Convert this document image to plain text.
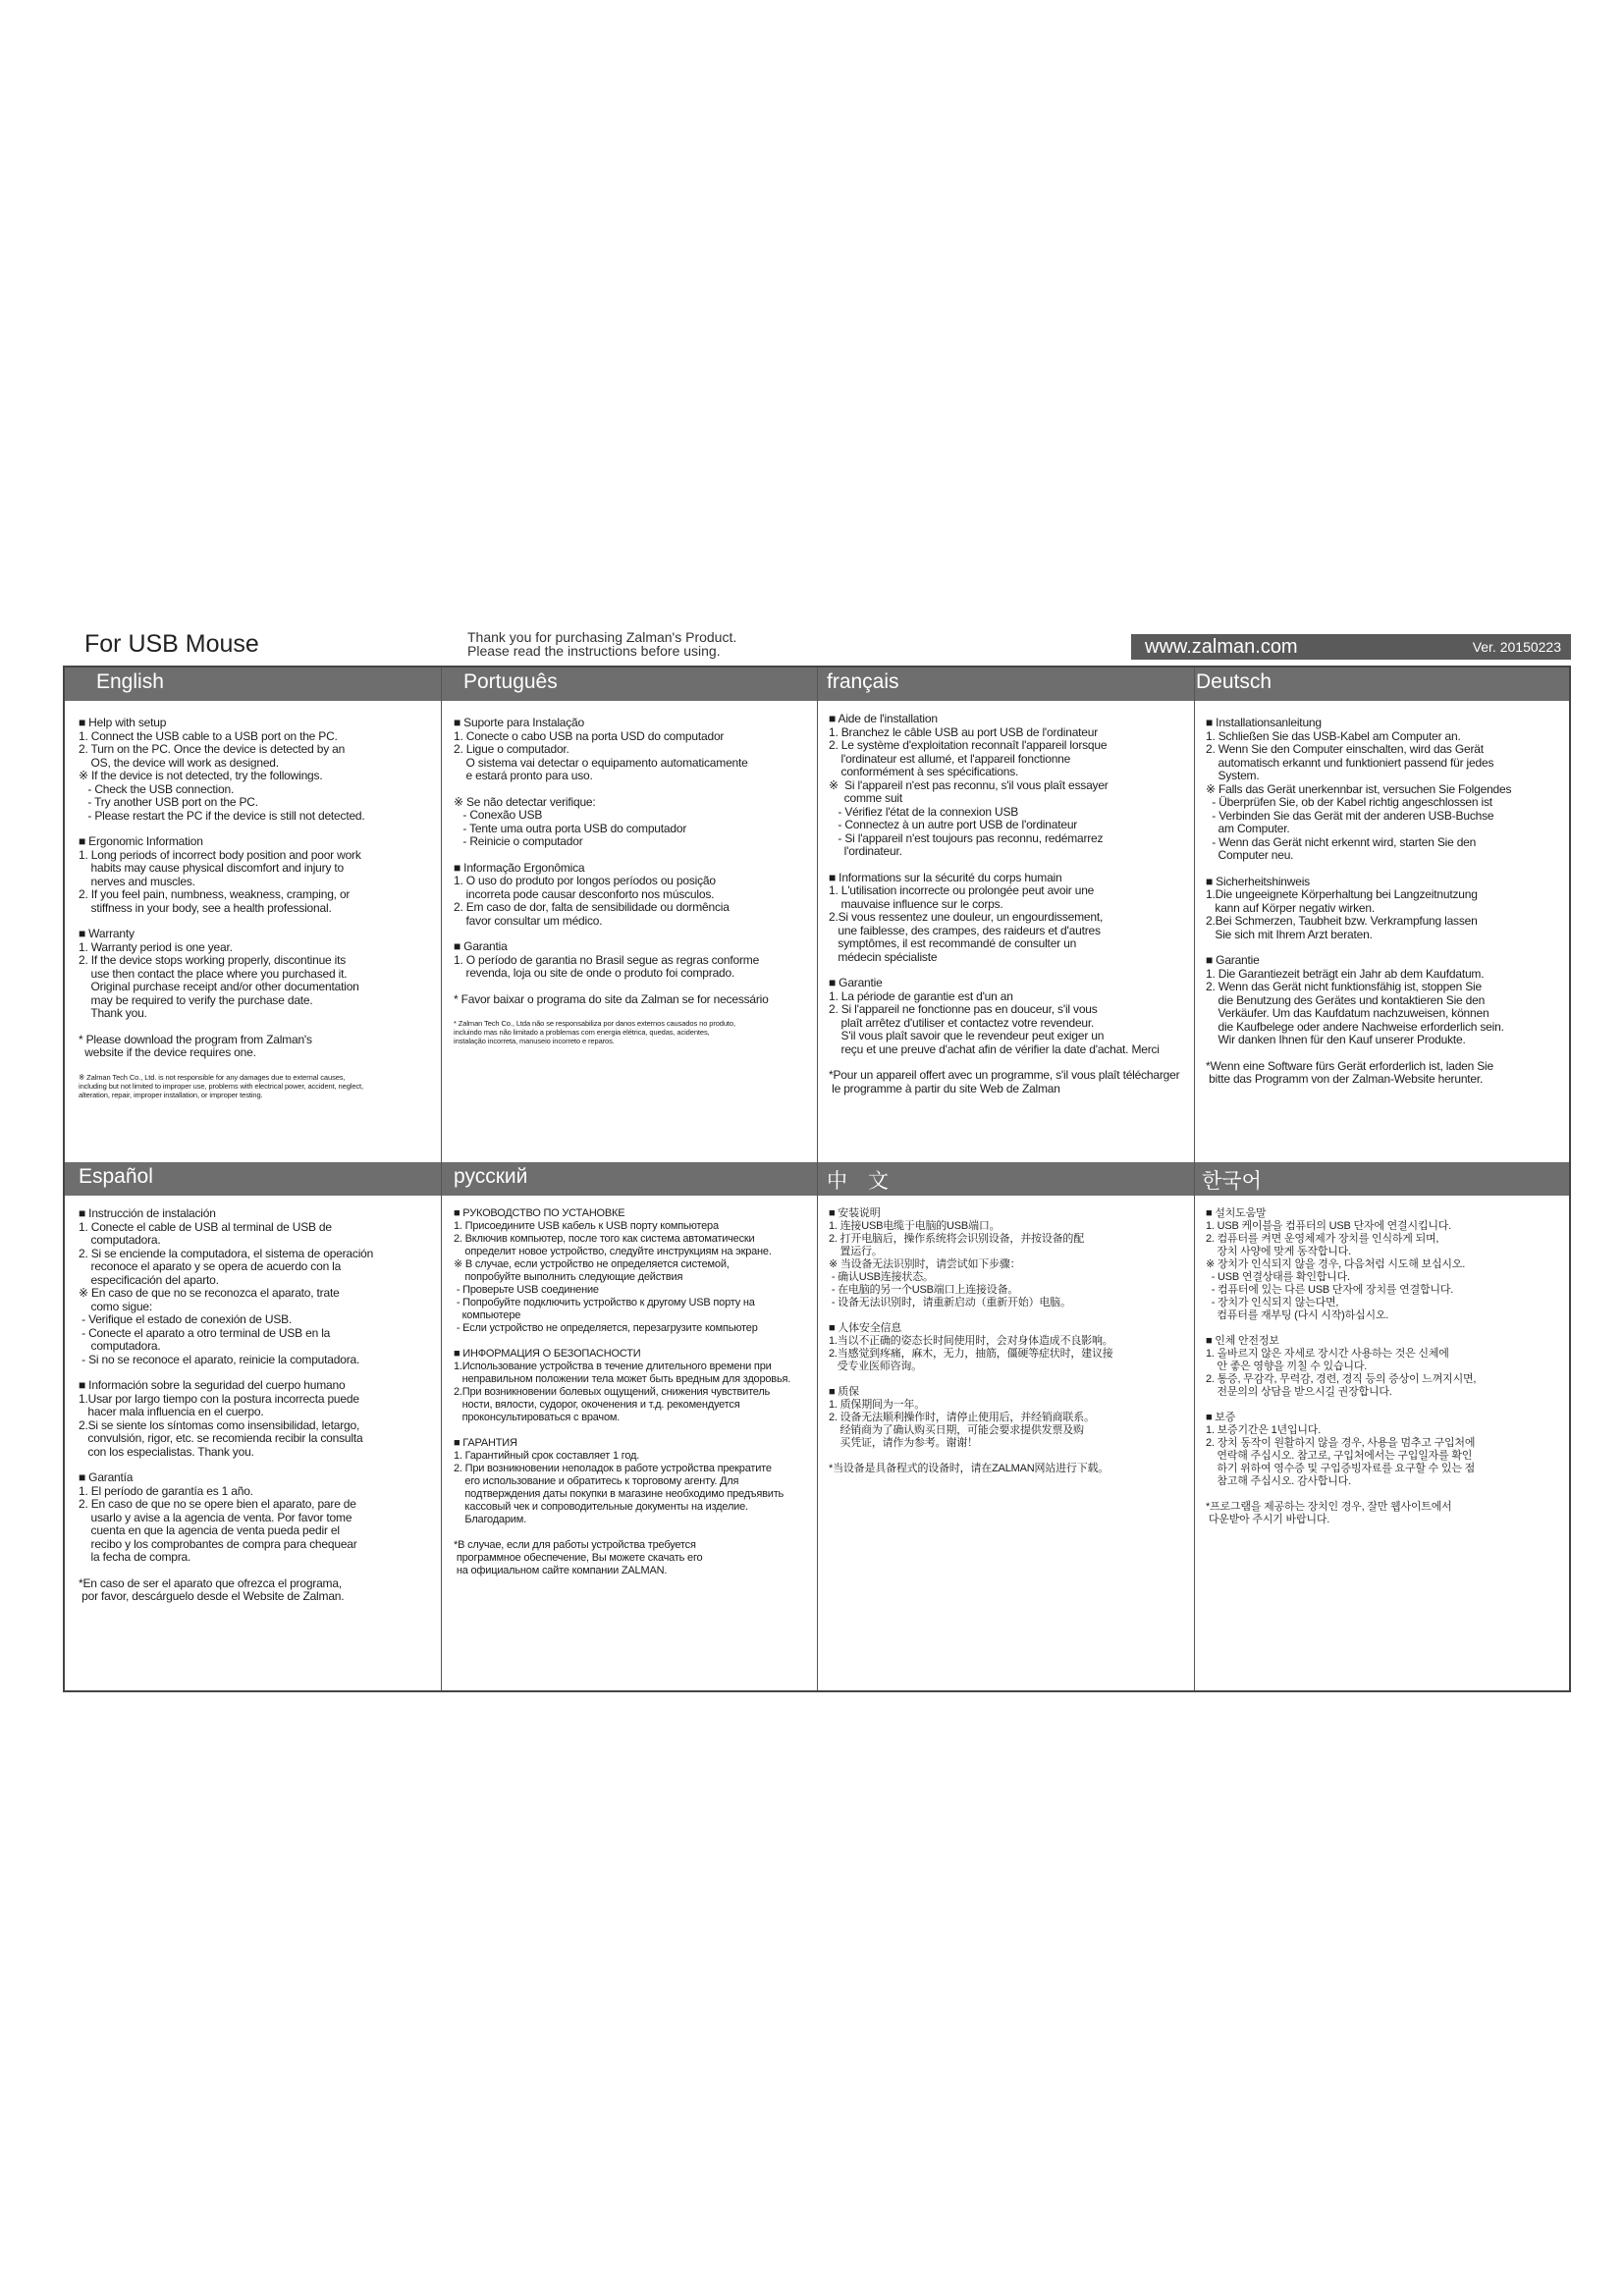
For USB Mouse	Thank you for purchasing Zalman's Product.
Please read the instructions before using.	www.zalman.com	Ver. 20150223
English	Português	français	Deutsch
Español	русский	中　文	한국어

■ Help with setup

1. Connect the USB cable to a USB port on the PC.

2. Turn on the PC. Once the device is detected by an

OS, the device will work as designed.

※ If the device is not detected, try the followings.

- Check the USB connection.

- Try another USB port on the PC.

- Please restart the PC if the device is still not detected.

■ Ergonomic Information

1. Long periods of incorrect body position and poor work

habits may cause physical discomfort and injury to

nerves and muscles.

2. If you feel pain, numbness, weakness, cramping, or

stiffness in your body, see a health professional.

■ Warranty

1. Warranty period is one year.

2. If the device stops working properly, discontinue its

use then contact the place where you purchased it.

Original purchase receipt and/or other documentation

may be required to verify the purchase date.

Thank you.

* Please download the program from Zalman's

website if the device requires one.

※ Zalman Tech Co., Ltd. is not responsible for any damages due to external causes,
including but not limited to improper use, problems with electrical power, accident, neglect,
alteration, repair, improper installation, or improper testing.

■ Suporte para Instalação

1. Conecte o cabo USB na porta USD do computador

2. Ligue o computador.

O sistema vai detectar o equipamento automaticamente

e estará pronto para uso.

※ Se não detectar verifique:

- Conexão USB

- Tente uma outra porta USB do computador

- Reinicie o computador

■ Informação Ergonômica

1. O uso do produto por longos períodos ou posição

incorreta pode causar desconforto nos músculos.

2. Em caso de dor, falta de sensibilidade ou dormência

favor consultar um médico.

■ Garantia

1. O período de garantia no Brasil segue as regras conforme

revenda, loja ou site de onde o produto foi comprado.

* Favor baixar o programa do site da Zalman se for necessário

* Zalman Tech Co., Ltda não se responsabiliza por danos externos causados no produto,
incluindo mas não limitado a problemas com energia elétrica, quedas, acidentes,
instalação incorreta, manuseio incorreto e reparos.

■ Aide de l'installation

1. Branchez le câble USB au port USB de l'ordinateur

2. Le système d'exploitation reconnaît l'appareil lorsque

l'ordinateur est allumé, et l'appareil fonctionne

conformément à ses spécifications.

※  Si l'appareil n'est pas reconnu, s'il vous plaît essayer

comme suit

- Vérifiez l'état de la connexion USB

- Connectez à un autre port USB de l'ordinateur

- Si l'appareil n'est toujours pas reconnu, redémarrez

l'ordinateur.

■ Informations sur la sécurité du corps humain

1. L'utilisation incorrecte ou prolongée peut avoir une

mauvaise influence sur le corps.

2.Si vous ressentez une douleur, un engourdissement,

une faiblesse, des crampes, des raideurs et d'autres

symptômes, il est recommandé de consulter un

médecin spécialiste

■ Garantie

1. La période de garantie est d'un an

2. Si l'appareil ne fonctionne pas en douceur, s'il vous

plaît arrêtez d'utiliser et contactez votre revendeur.

S'il vous plaît savoir que le revendeur peut exiger un

reçu et une preuve d'achat afin de vérifier la date d'achat. Merci

*Pour un appareil offert avec un programme, s'il vous plaît télécharger

le programme à partir du site Web de Zalman

■ Installationsanleitung

1. Schließen Sie das USB-Kabel am Computer an.

2. Wenn Sie den Computer einschalten, wird das Gerät

automatisch erkannt und funktioniert passend für jedes

System.

※ Falls das Gerät unerkennbar ist, versuchen Sie Folgendes

- Überprüfen Sie, ob der Kabel richtig angeschlossen ist

- Verbinden Sie das Gerät mit der anderen USB-Buchse

am Computer.

- Wenn das Gerät nicht erkennt wird, starten Sie den

Computer neu.

■ Sicherheitshinweis

1.Die ungeeignete Körperhaltung bei Langzeitnutzung

kann auf Körper negativ wirken.

2.Bei Schmerzen, Taubheit bzw. Verkrampfung lassen

Sie sich mit Ihrem Arzt beraten.

■ Garantie

1. Die Garantiezeit beträgt ein Jahr ab dem Kaufdatum.

2. Wenn das Gerät nicht funktionsfähig ist, stoppen Sie

die Benutzung des Gerätes und kontaktieren Sie den

Verkäufer. Um das Kaufdatum nachzuweisen, können

die Kaufbelege oder andere Nachweise erforderlich sein.

Wir danken Ihnen für den Kauf unserer Produkte.

*Wenn eine Software fürs Gerät erforderlich ist, laden Sie

bitte das Programm von der Zalman-Website herunter.

■ Instrucción de instalación

1. Conecte el cable de USB al terminal de USB de

computadora.

2. Si se enciende la computadora, el sistema de operación

reconoce el aparato y se opera de acuerdo con la

especificación del aparto.

※ En caso de que no se reconozca el aparato, trate

como sigue:

- Verifique el estado de conexión de USB.

- Conecte el aparato a otro terminal de USB en la

computadora.

- Si no se reconoce el aparato, reinicie la computadora.

■ Información sobre la seguridad del cuerpo humano

1.Usar por largo tiempo con la postura incorrecta puede

hacer mala influencia en el cuerpo.

2.Si se siente los síntomas como insensibilidad, letargo,

convulsión, rigor, etc. se recomienda recibir la consulta

con los especialistas. Thank you.

■ Garantía

1. El período de garantía es 1 año.

2. En caso de que no se opere bien el aparato, pare de

usarlo y avise a la agencia de venta. Por favor tome

cuenta en que la agencia de venta pueda pedir el

recibo y los comprobantes de compra para chequear

la fecha de compra.

*En caso de ser el aparato que ofrezca el programa,

por favor, descárguelo desde el Website de Zalman.

■ РУКОВОДСТВО ПО УСТАНОВКЕ

1. Присоедините USB кабель к USB порту компьютера

2. Включив компьютер, после того как система автоматически

определит новое устройство, следуйте инструкциям на экране.

※ В случае, если устройство не определяется системой,

попробуйте выполнить следующие действия

- Проверьте USB соединение

- Попробуйте подключить устройство к другому USB порту на

компьютере

- Если устройство не определяется, перезагрузите компьютер

■ ИНФОРМАЦИЯ О БЕЗОПАСНОСТИ

1.Использование устройства в течение длительного времени при

неправильном положении тела может быть вредным для здоровья.

2.При возникновении болевых ощущений, снижения чувствитель

ности, вялости, судорог, окоченения и т.д. рекомендуется

проконсультироваться с врачом.

■ ГАРАНТИЯ

1. Гарантийный срок составляет 1 год.

2. При возникновении неполадок в работе устройства прекратите

его использование и обратитесь к торговому агенту. Для

подтверждения даты покупки в магазине необходимо предъявить

кассовый чек и сопроводительные документы на изделие.

Благодарим.

*В случае, если для работы устройства требуется

программное обеспечение, Вы можете скачать его

на официальном сайте компании ZALMAN.

■ 安装说明

1. 连接USB电缆于电脑的USB端口。

2. 打开电脑后，操作系统将会识别设备，并按设备的配

置运行。

※ 当设备无法识别时，请尝试如下步骤：

- 确认USB连接状态。

- 在电脑的另一个USB端口上连接设备。

- 设备无法识别时，请重新启动（重新开始）电脑。

■ 人体安全信息

1.当以不正确的姿态长时间使用时，会对身体造成不良影响。

2.当感觉到疼痛，麻木，无力，抽筋，僵硬等症状时，建议接

受专业医师咨询。

■ 质保

1. 质保期间为一年。

2. 设备无法顺利操作时，请停止使用后，并经销商联系。

经销商为了确认购买日期，可能会要求提供发票及购

买凭证，请作为参考。谢谢！

*当设备是具备程式的设备时，请在ZALMAN网站进行下载。

■ 설치도움말

1. USB 케이블을 컴퓨터의 USB 단자에 연결시킵니다.

2. 컴퓨터를 켜면 운영체제가 장치를 인식하게 되며,

장치 사양에 맞게 동작합니다.

※ 장치가 인식되지 않을 경우, 다음처럼 시도해 보십시오.

- USB 연결상태를 확인합니다.

- 컴퓨터에 있는 다른 USB 단자에 장치를 연결합니다.

- 장치가 인식되지 않는다면,

컴퓨터를 재부팅 (다시 시작)하십시오.

■ 인체 안전정보

1. 올바르지 않은 자세로 장시간 사용하는 것은 신체에

안 좋은 영향을 끼칠 수 있습니다.

2. 통증, 무감각, 무력감, 경련, 경직 등의 증상이 느껴지시면,

전문의의 상담을 받으시길 권장합니다.

■ 보증

1. 보증기간은 1년입니다.

2. 장치 동작이 원활하지 않을 경우, 사용을 멈추고 구입처에

연락해 주십시오. 참고로, 구입처에서는 구입일자를 확인

하기 위하여 영수증 및 구입증빙자료를 요구할 수 있는 점

참고해 주십시오. 감사합니다.

*프로그램을 제공하는 장치인 경우, 잘만 웹사이트에서

다운받아 주시기 바랍니다.
